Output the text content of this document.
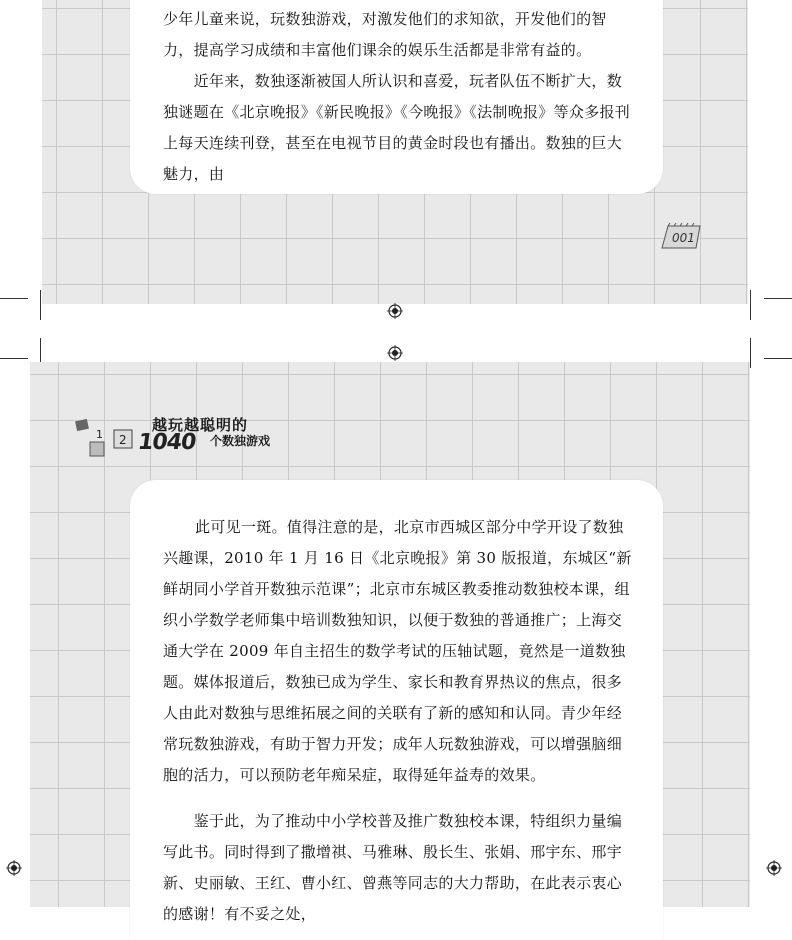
少年儿童来说，玩数独游戏，对激发他们的求知欲，开发他们的智力，提高学习成绩和丰富他们课余的娱乐生活都是非常有益的。

　　近年来，数独逐渐被国人所认识和喜爱，玩者队伍不断扩大，数独谜题在《北京晚报》《新民晚报》《今晚报》《法制晚报》等众多报刊上每天连续刊登，甚至在电视节目的黄金时段也有播出。数独的巨大魅力，由

001
1 2
越玩越聪明的
1040 个数独游戏

此可见一斑。值得注意的是，北京市西城区部分中学开设了数独兴趣课，2010 年 1 月 16 日《北京晚报》第 30 版报道，东城区“新鲜胡同小学首开数独示范课”；北京市东城区教委推动数独校本课，组织小学数学老师集中培训数独知识，以便于数独的普通推广；上海交通大学在 2009 年自主招生的数学考试的压轴试题，竟然是一道数独题。媒体报道后，数独已成为学生、家长和教育界热议的焦点，很多人由此对数独与思维拓展之间的关联有了新的感知和认同。青少年经常玩数独游戏，有助于智力开发；成年人玩数独游戏，可以增强脑细胞的活力，可以预防老年痴呆症，取得延年益寿的效果。

　　鉴于此，为了推动中小学校普及推广数独校本课，特组织力量编写此书。同时得到了撒增祺、马雅琳、殷长生、张娟、邢宇东、邢宇新、史丽敏、王红、曹小红、曾燕等同志的大力帮助，在此表示衷心的感谢！有不妥之处，
